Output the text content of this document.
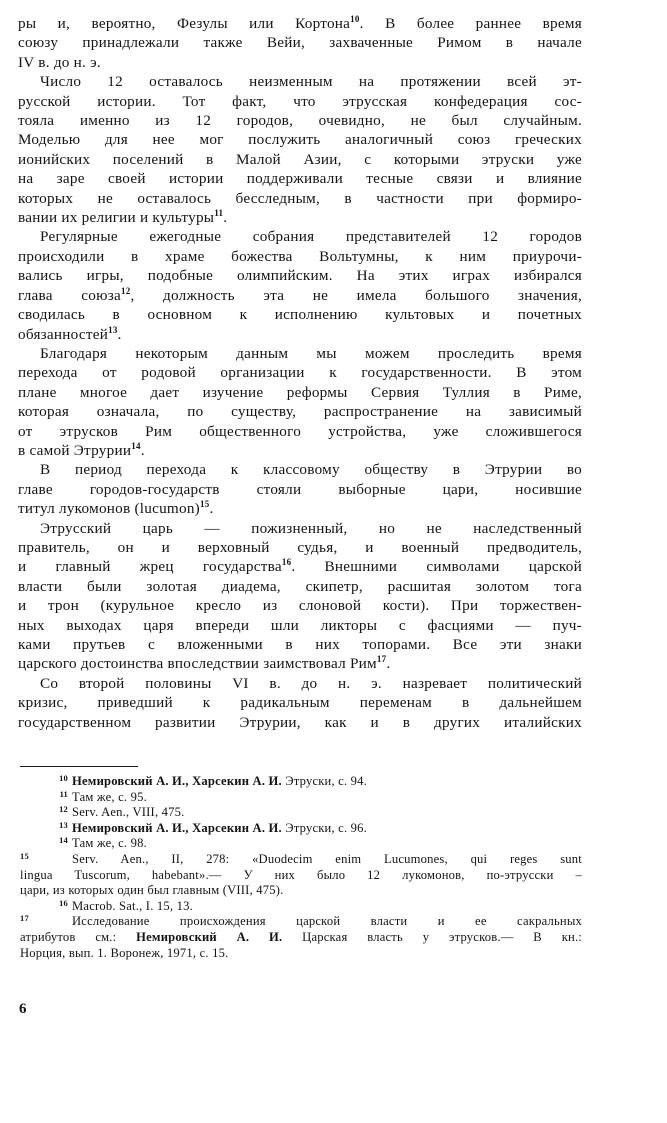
ры и, вероятно, Фезулы или Кортона$^{10}$. В более раннее время
союзу принадлежали также Вейи, захваченные Римом в начале
IV в. до н. э.

Число 12 оставалось неизменным на протяжении всей эт-
русской истории. Тот факт, что этрусская конфедерация сос-
тояла именно из 12 городов, очевидно, не был случайным.
Моделью для нее мог послужить аналогичный союз греческих
ионийских поселений в Малой Азии, с которыми этруски уже
на заре своей истории поддерживали тесные связи и влияние
которых не оставалось бесследным, в частности при формиро-
вании их религии и культуры$^{11}$.

Регулярные ежегодные собрания представителей 12 городов
происходили в храме божества Вольтумны, к ним приурочи-
вались игры, подобные олимпийским. На этих играх избирался
глава союза$^{12}$, должность эта не имела большого значения,
сводилась в основном к исполнению культовых и почетных
обязанностей$^{13}$.

Благодаря некоторым данным мы можем проследить время
перехода от родовой организации к государственности. В этом
плане многое дает изучение реформы Сервия Туллия в Риме,
которая означала, по существу, распространение на зависимый
от этрусков Рим общественного устройства, уже сложившегося
в самой Этрурии$^{14}$.

В период перехода к классовому обществу в Этрурии во
главе городов-государств стояли выборные цари, носившие
титул лукомонов (lucumon)$^{15}$.

Этрусский царь — пожизненный, но не наследственный
правитель, он и верховный судья, и военный предводитель,
и главный жрец государства$^{16}$. Внешними символами царской
власти были золотая диадема, скипетр, расшитая золотом тога
и трон (курульное кресло из слоновой кости). При торжествен-
ных выходах царя впереди шли ликторы с фасциями — пуч-
ками прутьев с вложенными в них топорами. Все эти знаки
царского достоинства впоследствии заимствовал Рим$^{17}$.

Со второй половины VI в. до н. э. назревает политический
кризис, приведший к радикальным переменам в дальнейшем
государственном развитии Этрурии, как и в других италийских

10 Немировский А. И., Харсекин А. И. Этруски, с. 94.
11 Там же, с. 95.
12 Serv. Aen., VIII, 475.
13 Немировский А. И., Харсекин А. И. Этруски, с. 96.
14 Там же, с. 98.
15	Serv. Aen., II, 278: «Duodecim enim Lucumones, qui reges sunt
lingua Tuscorum, habebant».— У них было 12 лукомонов, по-этрусски –
цари, из которых один был главным (VIII, 475).
16 Macrob. Sat., I. 15, 13.
17	Исследование происхождения царской власти и ее сакральных
атрибутов см.: Немировский А. И. Царская власть у этрусков.— В кн.:
Норция, вып. 1. Воронеж, 1971, с. 15.
6
